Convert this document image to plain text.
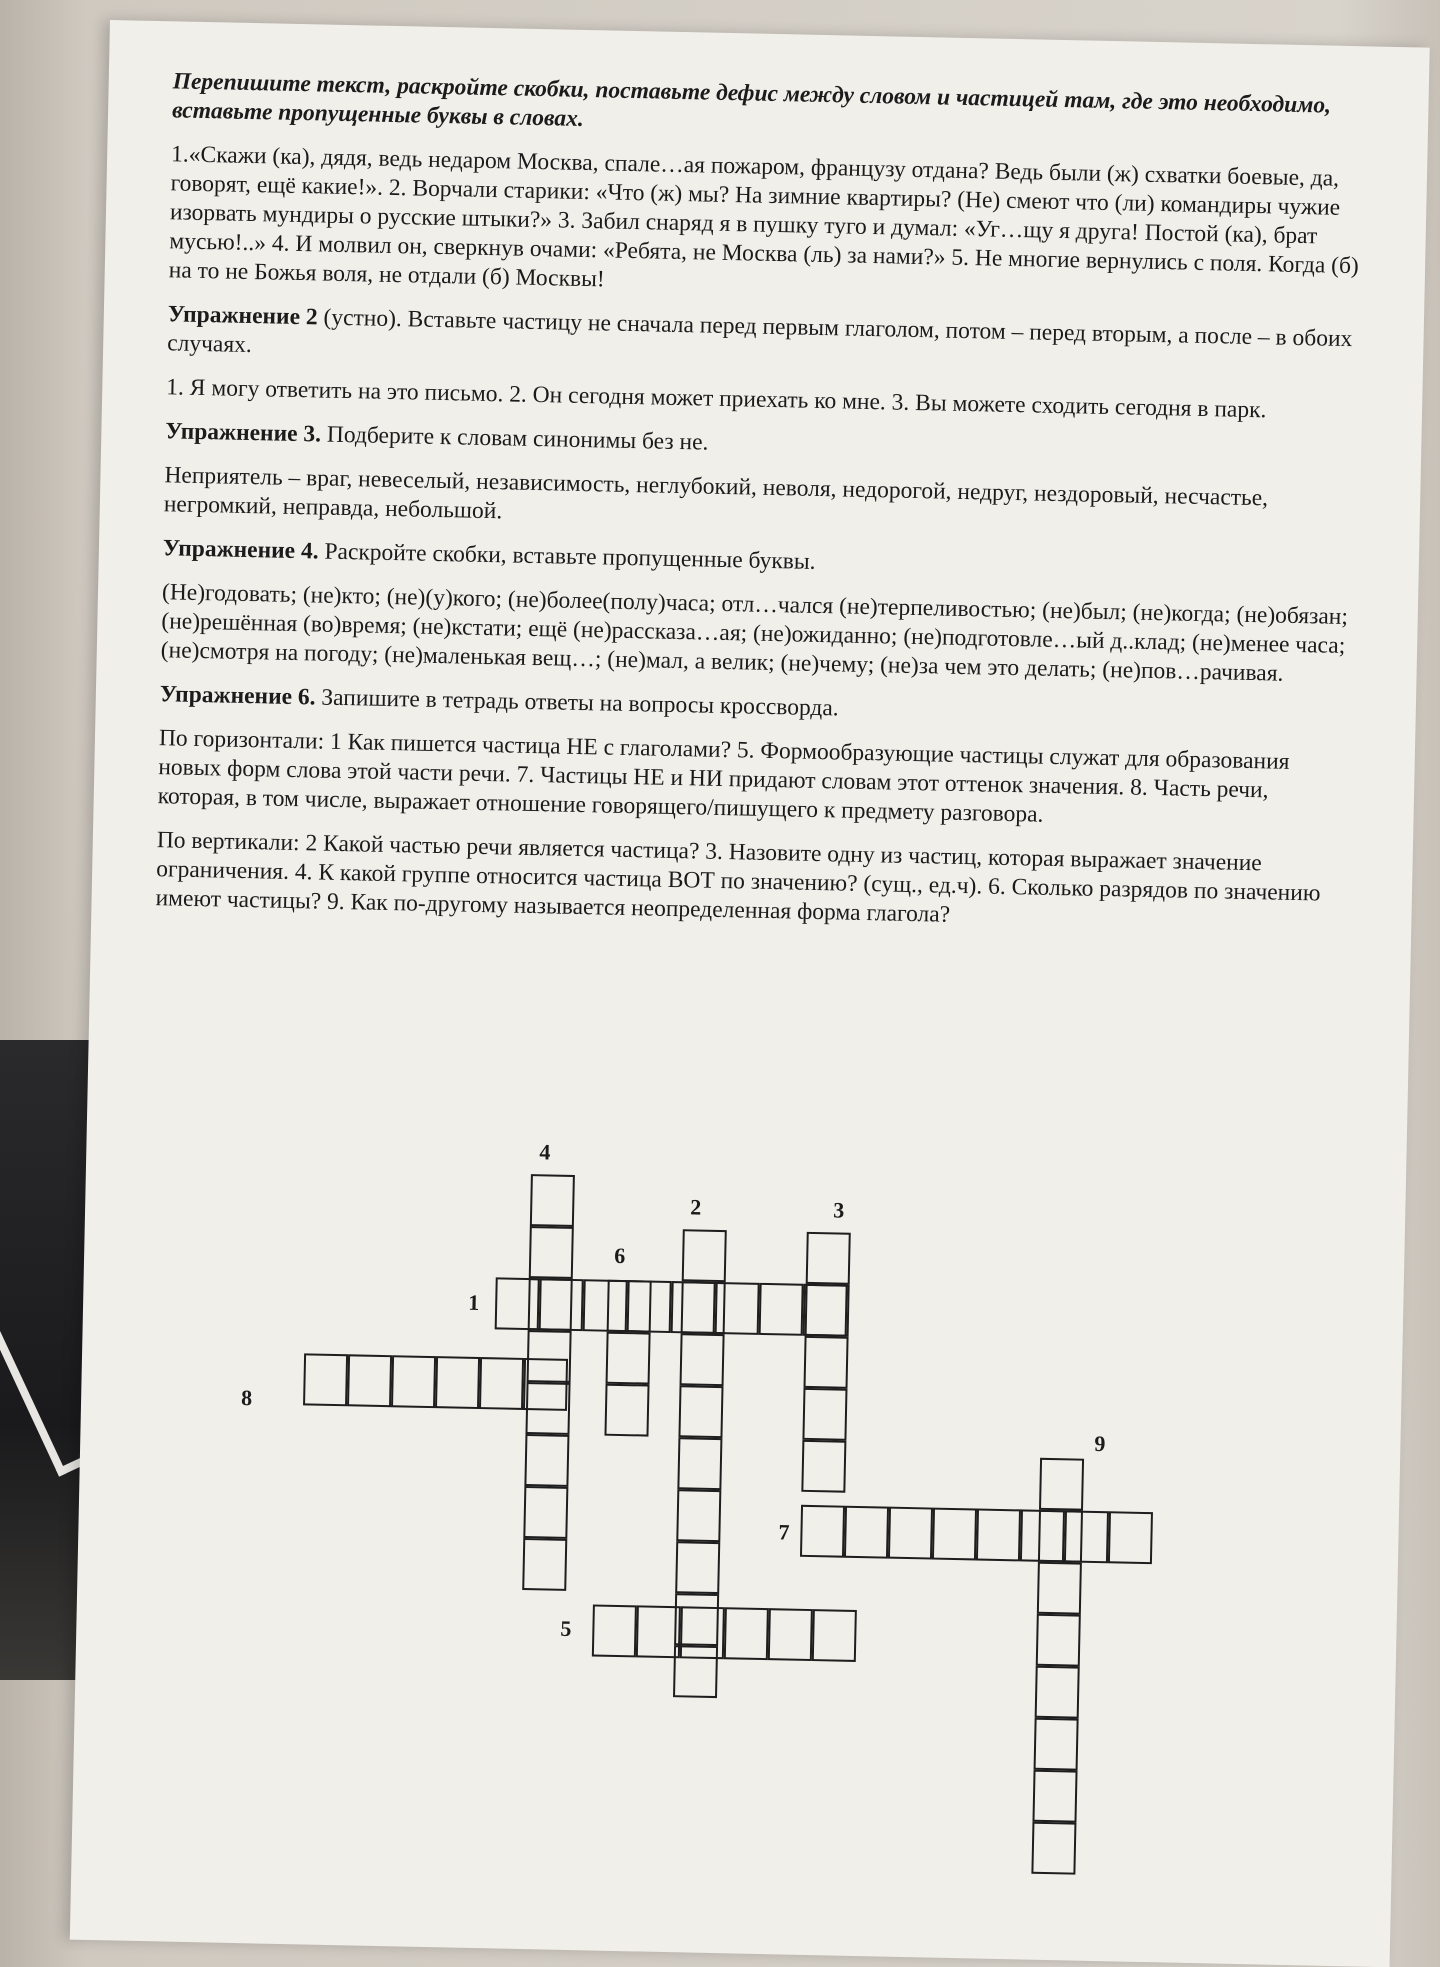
Перепишите текст, раскройте скобки, поставьте дефис между словом и частицей там, где это необходимо, вставьте пропущенные буквы в словах.

1.«Скажи (ка), дядя, ведь недаром Москва, спале…ая пожаром, французу отдана? Ведь были (ж) схватки боевые, да, говорят, ещё какие!». 2. Ворчали старики: «Что (ж) мы? На зимние квартиры? (Не) смеют что (ли) командиры чужие изорвать мундиры о русские штыки?» 3. Забил снаряд я в пушку туго и думал: «Уг…щу я друга! Постой (ка), брат мусью!..» 4. И молвил он, сверкнув очами: «Ребята, не Москва (ль) за нами?» 5. Не многие вернулись с поля. Когда (б) на то не Божья воля, не отдали (б) Москвы!

Упражнение 2 (устно). Вставьте частицу не сначала перед первым глаголом, потом – перед вторым, а после – в обоих случаях.

1. Я могу ответить на это письмо. 2. Он сегодня может приехать ко мне. 3. Вы можете сходить сегодня в парк.

Упражнение 3. Подберите к словам синонимы без не.

Неприятель – враг, невеселый, независимость, неглубокий, неволя, недорогой, недруг, нездоровый, несчастье, негромкий, неправда, небольшой.

Упражнение 4. Раскройте скобки, вставьте пропущенные буквы.

(Не)годовать; (не)кто; (не)(у)кого; (не)более(полу)часа; отл…чался (не)терпеливостью; (не)был; (не)когда; (не)обязан; (не)решённая (во)время; (не)кстати; ещё (не)рассказа…ая; (не)ожиданно; (не)подготовле…ый д..клад; (не)менее часа; (не)смотря на погоду; (не)маленькая вещ…; (не)мал, а велик; (не)чему; (не)за чем это делать; (не)пов…рачивая.

Упражнение 6. Запишите в тетрадь ответы на вопросы кроссворда.

По горизонтали: 1 Как пишется частица НЕ с глаголами? 5. Формообразующие частицы служат для образования новых форм слова этой части речи. 7. Частицы НЕ и НИ придают словам этот оттенок значения. 8. Часть речи, которая, в том числе, выражает отношение говорящего/пишущего к предмету разговора.

По вертикали: 2 Какой частью речи является частица? 3. Назовите одну из частиц, которая выражает значение ограничения. 4. К какой группе относится частица ВОТ по значению? (сущ., ед.ч). 6. Сколько разрядов по значению имеют частицы? 9. Как по-другому называется неопределенная форма глагола?

4
2	3
6
1
8
9
7
5
